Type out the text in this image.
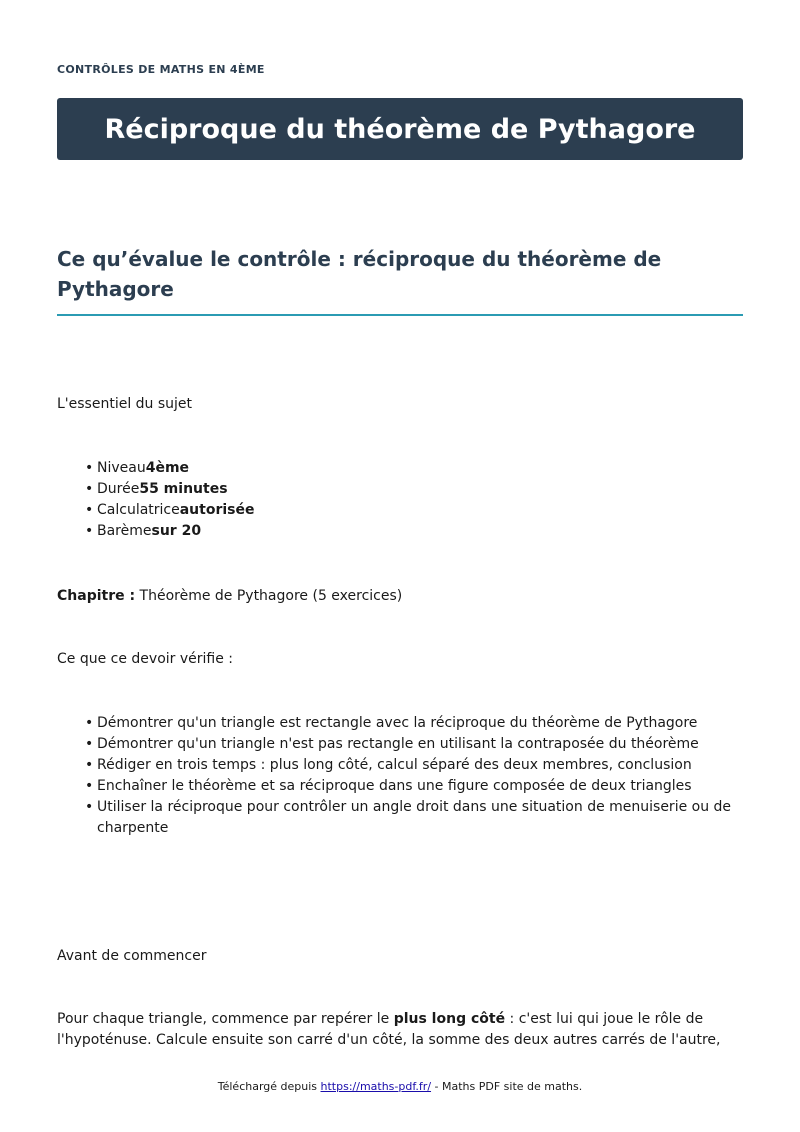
CONTRÔLES DE MATHS EN 4ÈME
Réciproque du théorème de Pythagore
Ce qu’évalue le contrôle : réciproque du théorème de Pythagore

L'essentiel du sujet

• Niveau4ème
• Durée55 minutes
• Calculatriceautorisée
• Barèmesur 20

Chapitre : Théorème de Pythagore (5 exercices)

Ce que ce devoir vérifie :

• Démontrer qu'un triangle est rectangle avec la réciproque du théorème de Pythagore
• Démontrer qu'un triangle n'est pas rectangle en utilisant la contraposée du théorème
• Rédiger en trois temps : plus long côté, calcul séparé des deux membres, conclusion
• Enchaîner le théorème et sa réciproque dans une figure composée de deux triangles
• Utiliser la réciproque pour contrôler un angle droit dans une situation de menuiserie ou de charpente

Avant de commencer

Pour chaque triangle, commence par repérer le plus long côté : c'est lui qui joue le rôle de l'hypoténuse. Calcule ensuite son carré d'un côté, la somme des deux autres carrés de l'autre,

Téléchargé depuis https://maths-pdf.fr/ - Maths PDF site de maths.
